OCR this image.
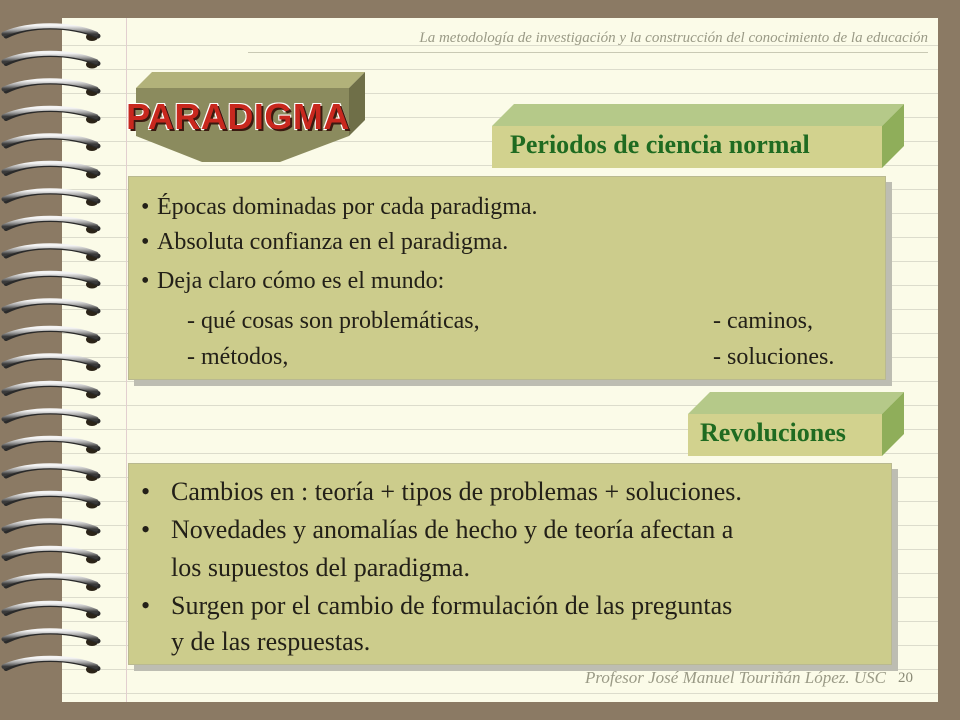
La metodología de investigación y la construcción del conocimiento de la educación
PARADIGMA
Periodos de ciencia normal
• Épocas dominadas por cada paradigma.
• Absoluta confianza en el paradigma.
• Deja claro cómo es el mundo:
- qué cosas son problemáticas,	- caminos,
- métodos,	- soluciones.
Revoluciones
• Cambios en : teoría + tipos de problemas + soluciones.
• Novedades y anomalías de hecho y de teoría afectan a
los supuestos del paradigma.
• Surgen por el cambio de formulación de las preguntas
y de las respuestas.
Profesor José Manuel Touriñán López. USC 20
